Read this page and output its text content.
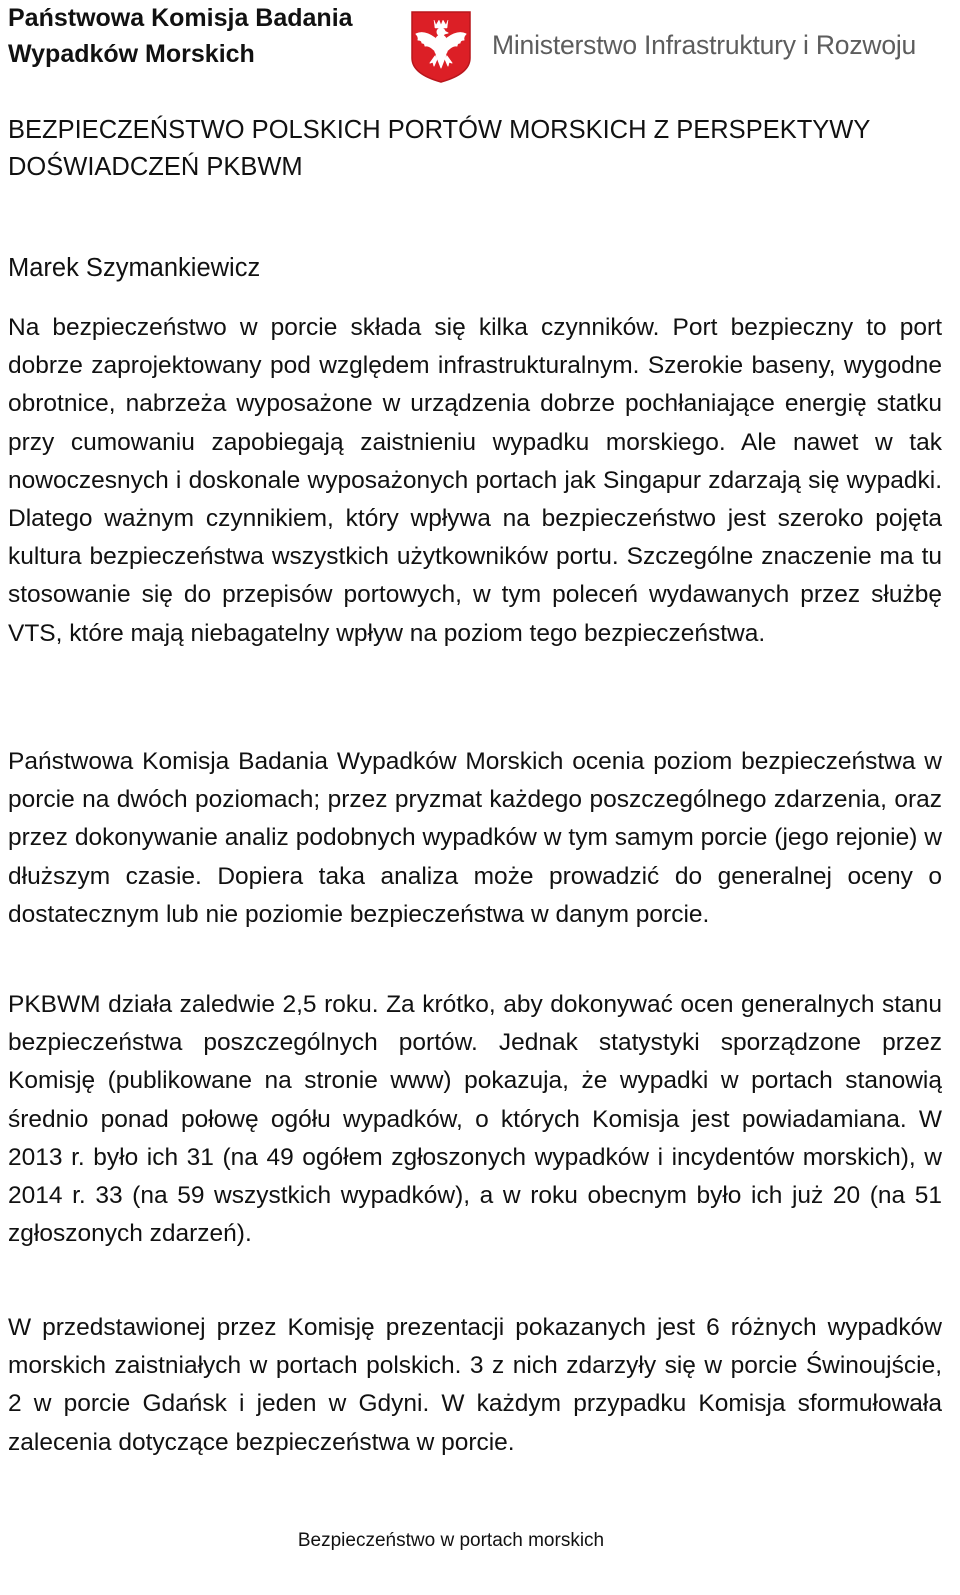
Państwowa Komisja Badania
Wypadków Morskich	Ministerstwo Infrastruktury i Rozwoju
BEZPIECZEŃSTWO POLSKICH PORTÓW MORSKICH Z PERSPEKTYWY DOŚWIADCZEŃ PKBWM
Marek Szymankiewicz

Na bezpieczeństwo w porcie składa się kilka czynników. Port bezpieczny to port dobrze zaprojektowany pod względem infrastrukturalnym. Szerokie baseny, wygodne obrotnice, nabrzeża wyposażone w urządzenia dobrze pochłaniające energię statku przy cumowaniu zapobiegają zaistnieniu wypadku morskiego. Ale nawet w tak nowoczesnych i doskonale wyposażonych portach jak Singapur zdarzają się wypadki. Dlatego ważnym czynnikiem, który wpływa na bezpieczeństwo jest szeroko pojęta kultura bezpieczeństwa wszystkich użytkowników portu. Szczególne znaczenie ma tu stosowanie się do przepisów portowych, w tym poleceń wydawanych przez służbę VTS, które mają niebagatelny wpływ na poziom tego bezpieczeństwa.

Państwowa Komisja Badania Wypadków Morskich ocenia poziom bezpieczeństwa w porcie na dwóch poziomach; przez pryzmat każdego poszczególnego zdarzenia, oraz przez dokonywanie analiz podobnych wypadków w tym samym porcie (jego rejonie) w dłuższym czasie. Dopiera taka analiza może prowadzić do generalnej oceny o dostatecznym lub nie poziomie bezpieczeństwa w danym porcie.

PKBWM działa zaledwie 2,5 roku. Za krótko, aby dokonywać ocen generalnych stanu bezpieczeństwa poszczególnych portów. Jednak statystyki sporządzone przez Komisję (publikowane na stronie www) pokazuja, że wypadki w portach stanowią średnio ponad połowę ogółu wypadków, o których Komisja jest powiadamiana. W 2013 r. było ich 31 (na 49 ogółem zgłoszonych wypadków i incydentów morskich), w 2014 r. 33 (na 59 wszystkich wypadków), a w roku obecnym było ich już 20 (na 51 zgłoszonych zdarzeń).

W przedstawionej przez Komisję prezentacji pokazanych jest 6 różnych wypadków morskich zaistniałych w portach polskich. 3 z nich zdarzyły się w porcie Świnoujście, 2 w porcie Gdańsk i jeden w Gdyni. W każdym przypadku Komisja sformułowała zalecenia dotyczące bezpieczeństwa w porcie.

Bezpieczeństwo w portach morskich
